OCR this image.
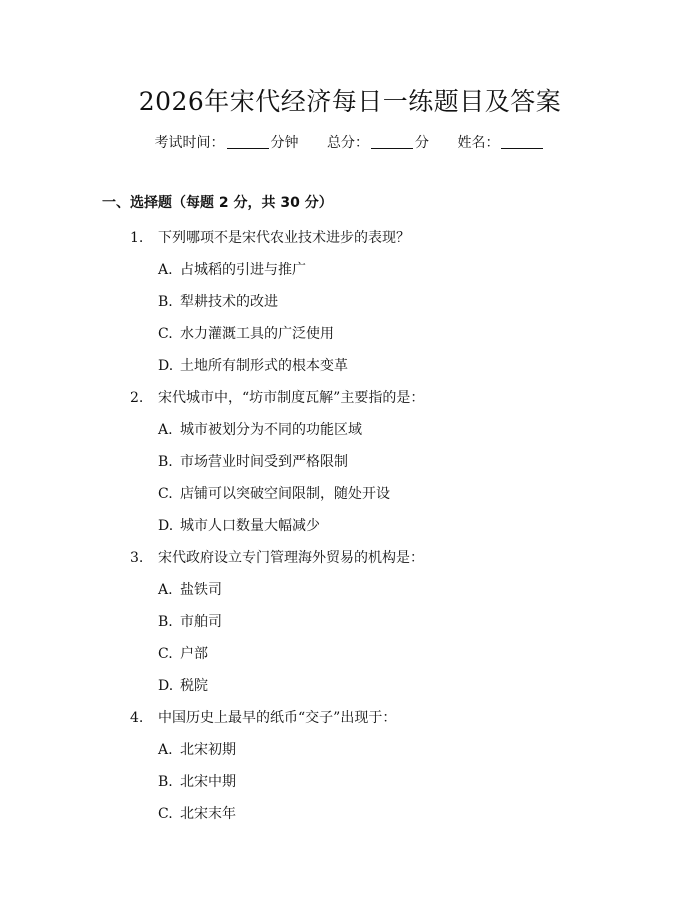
2026年宋代经济每日一练题目及答案
考试时间：	分钟 总分：	分 姓名：
一、选择题（每题 2 分，共 30 分）
1.	下列哪项不是宋代农业技术进步的表现？
A. 占城稻的引进与推广
B. 犁耕技术的改进
C. 水力灌溉工具的广泛使用
D. 土地所有制形式的根本变革
2.	宋代城市中，“坊市制度瓦解”主要指的是：
A. 城市被划分为不同的功能区域
B. 市场营业时间受到严格限制
C. 店铺可以突破空间限制，随处开设
D. 城市人口数量大幅减少
3.	宋代政府设立专门管理海外贸易的机构是：
A. 盐铁司
B. 市舶司
C. 户部
D. 税院
4.	中国历史上最早的纸币“交子”出现于：
A. 北宋初期
B. 北宋中期
C. 北宋末年
